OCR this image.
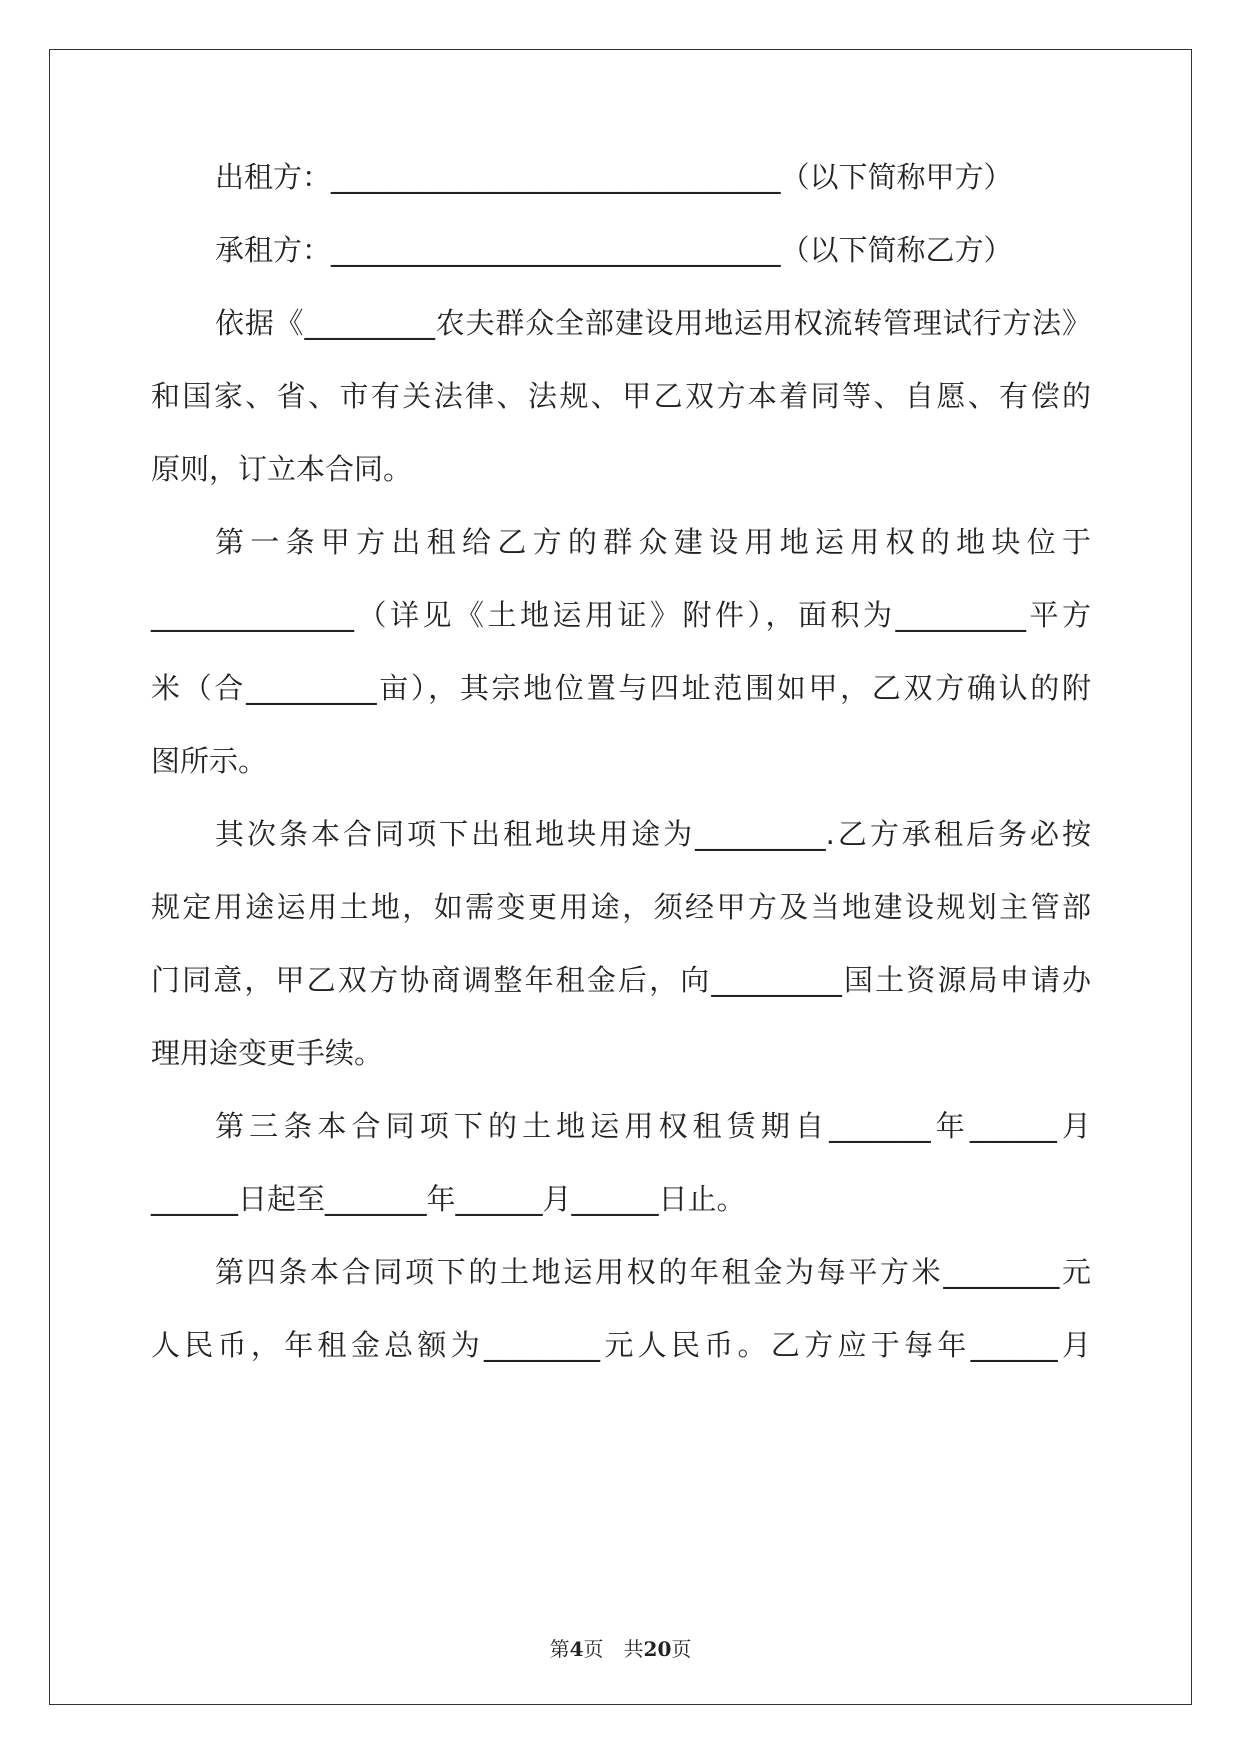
出租方：_______________________________（以下简称甲方）
承租方：_______________________________（以下简称乙方）
依据《_________农夫群众全部建设用地运用权流转管理试行方法》
和国家、省、市有关法律、法规、甲乙双方本着同等、自愿、有偿的
原则，订立本合同。
第一条甲方出租给乙方的群众建设用地运用权的地块位于
______________（详见《土地运用证》附件），面积为_________平方
米（合_________亩），其宗地位置与四址范围如甲，乙双方确认的附
图所示。
其次条本合同项下出租地块用途为_________.乙方承租后务必按
规定用途运用土地，如需变更用途，须经甲方及当地建设规划主管部
门同意，甲乙双方协商调整年租金后，向_________国土资源局申请办
理用途变更手续。
第三条本合同项下的土地运用权租赁期自_______年______月
______日起至_______年______月______日止。
第四条本合同项下的土地运用权的年租金为每平方米________元
人民币，年租金总额为________元人民币。乙方应于每年______月
第4页　共20页
